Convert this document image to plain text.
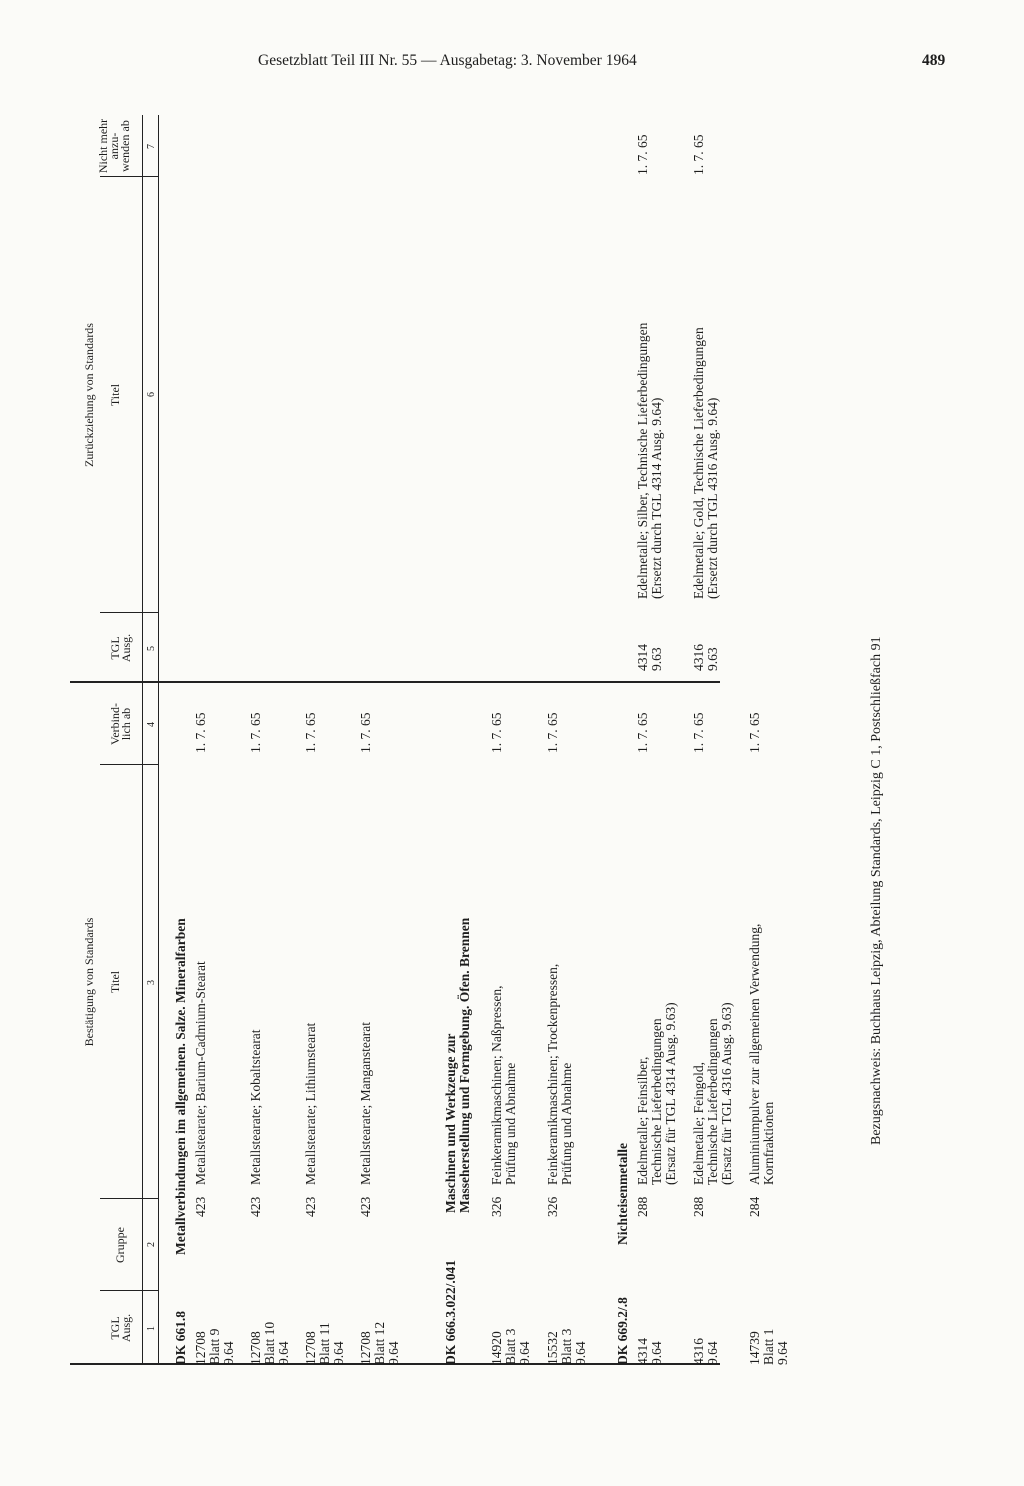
Gesetzblatt Teil III Nr. 55 — Ausgabetag: 3. November 1964	489
Bestätigung von Standards
Zurückziehung von Standards
TGL
Ausg.
Gruppe
Titel
Verbind-
lich ab
TGL
Ausg.
Titel
Nicht mehr
anzu-
wenden ab
1
2
3
4
5
6
7
DK 661.8
Metallverbindungen im allgemeinen. Salze. Mineralfarben
12708 Blatt 9 9.64
423
Metallstearate; Barium-Cadmium-Stearat
1. 7. 65
12708 Blatt 10 9.64
423
Metallstearate; Kobaltstearat
1. 7. 65
12708 Blatt 11 9.64
423
Metallstearate; Lithiumstearat
1. 7. 65
12708 Blatt 12 9.64
423
Metallstearate; Manganstearat
1. 7. 65
DK 666.3.022/.041
Maschinen und Werkzeuge zur Masseherstellung und Formgebung. Öfen. Brennen
14920 Blatt 3 9.64
326
Feinkeramikmaschinen; Naßpressen, Prüfung und Abnahme
1. 7. 65
15532 Blatt 3 9.64
326
Feinkeramikmaschinen; Trockenpressen, Prüfung und Abnahme
1. 7. 65
DK 669.2/.8
Nichteisenmetalle
4314 9.64
288
Edelmetalle; Feinsilber, Technische Lieferbedingungen (Ersatz für TGL 4314 Ausg. 9.63)
1. 7. 65
4314 9.63
Edelmetalle; Silber, Technische Lieferbedingungen (Ersetzt durch TGL 4314 Ausg. 9.64)
1. 7. 65
4316 9.64
288
Edelmetalle; Feingold, Technische Lieferbedingungen (Ersatz für TGL 4316 Ausg. 9.63)
1. 7. 65
4316 9.63
Edelmetalle; Gold, Technische Lieferbedingungen (Ersetzt durch TGL 4316 Ausg. 9.64)
1. 7. 65
14739 Blatt 1 9.64
284
Aluminiumpulver zur allgemeinen Verwendung, Kornfraktionen
1. 7. 65	Bezugsnachweis: Buchhaus Leipzig, Abteilung Standards, Leipzig C 1, Postschließfach 91
